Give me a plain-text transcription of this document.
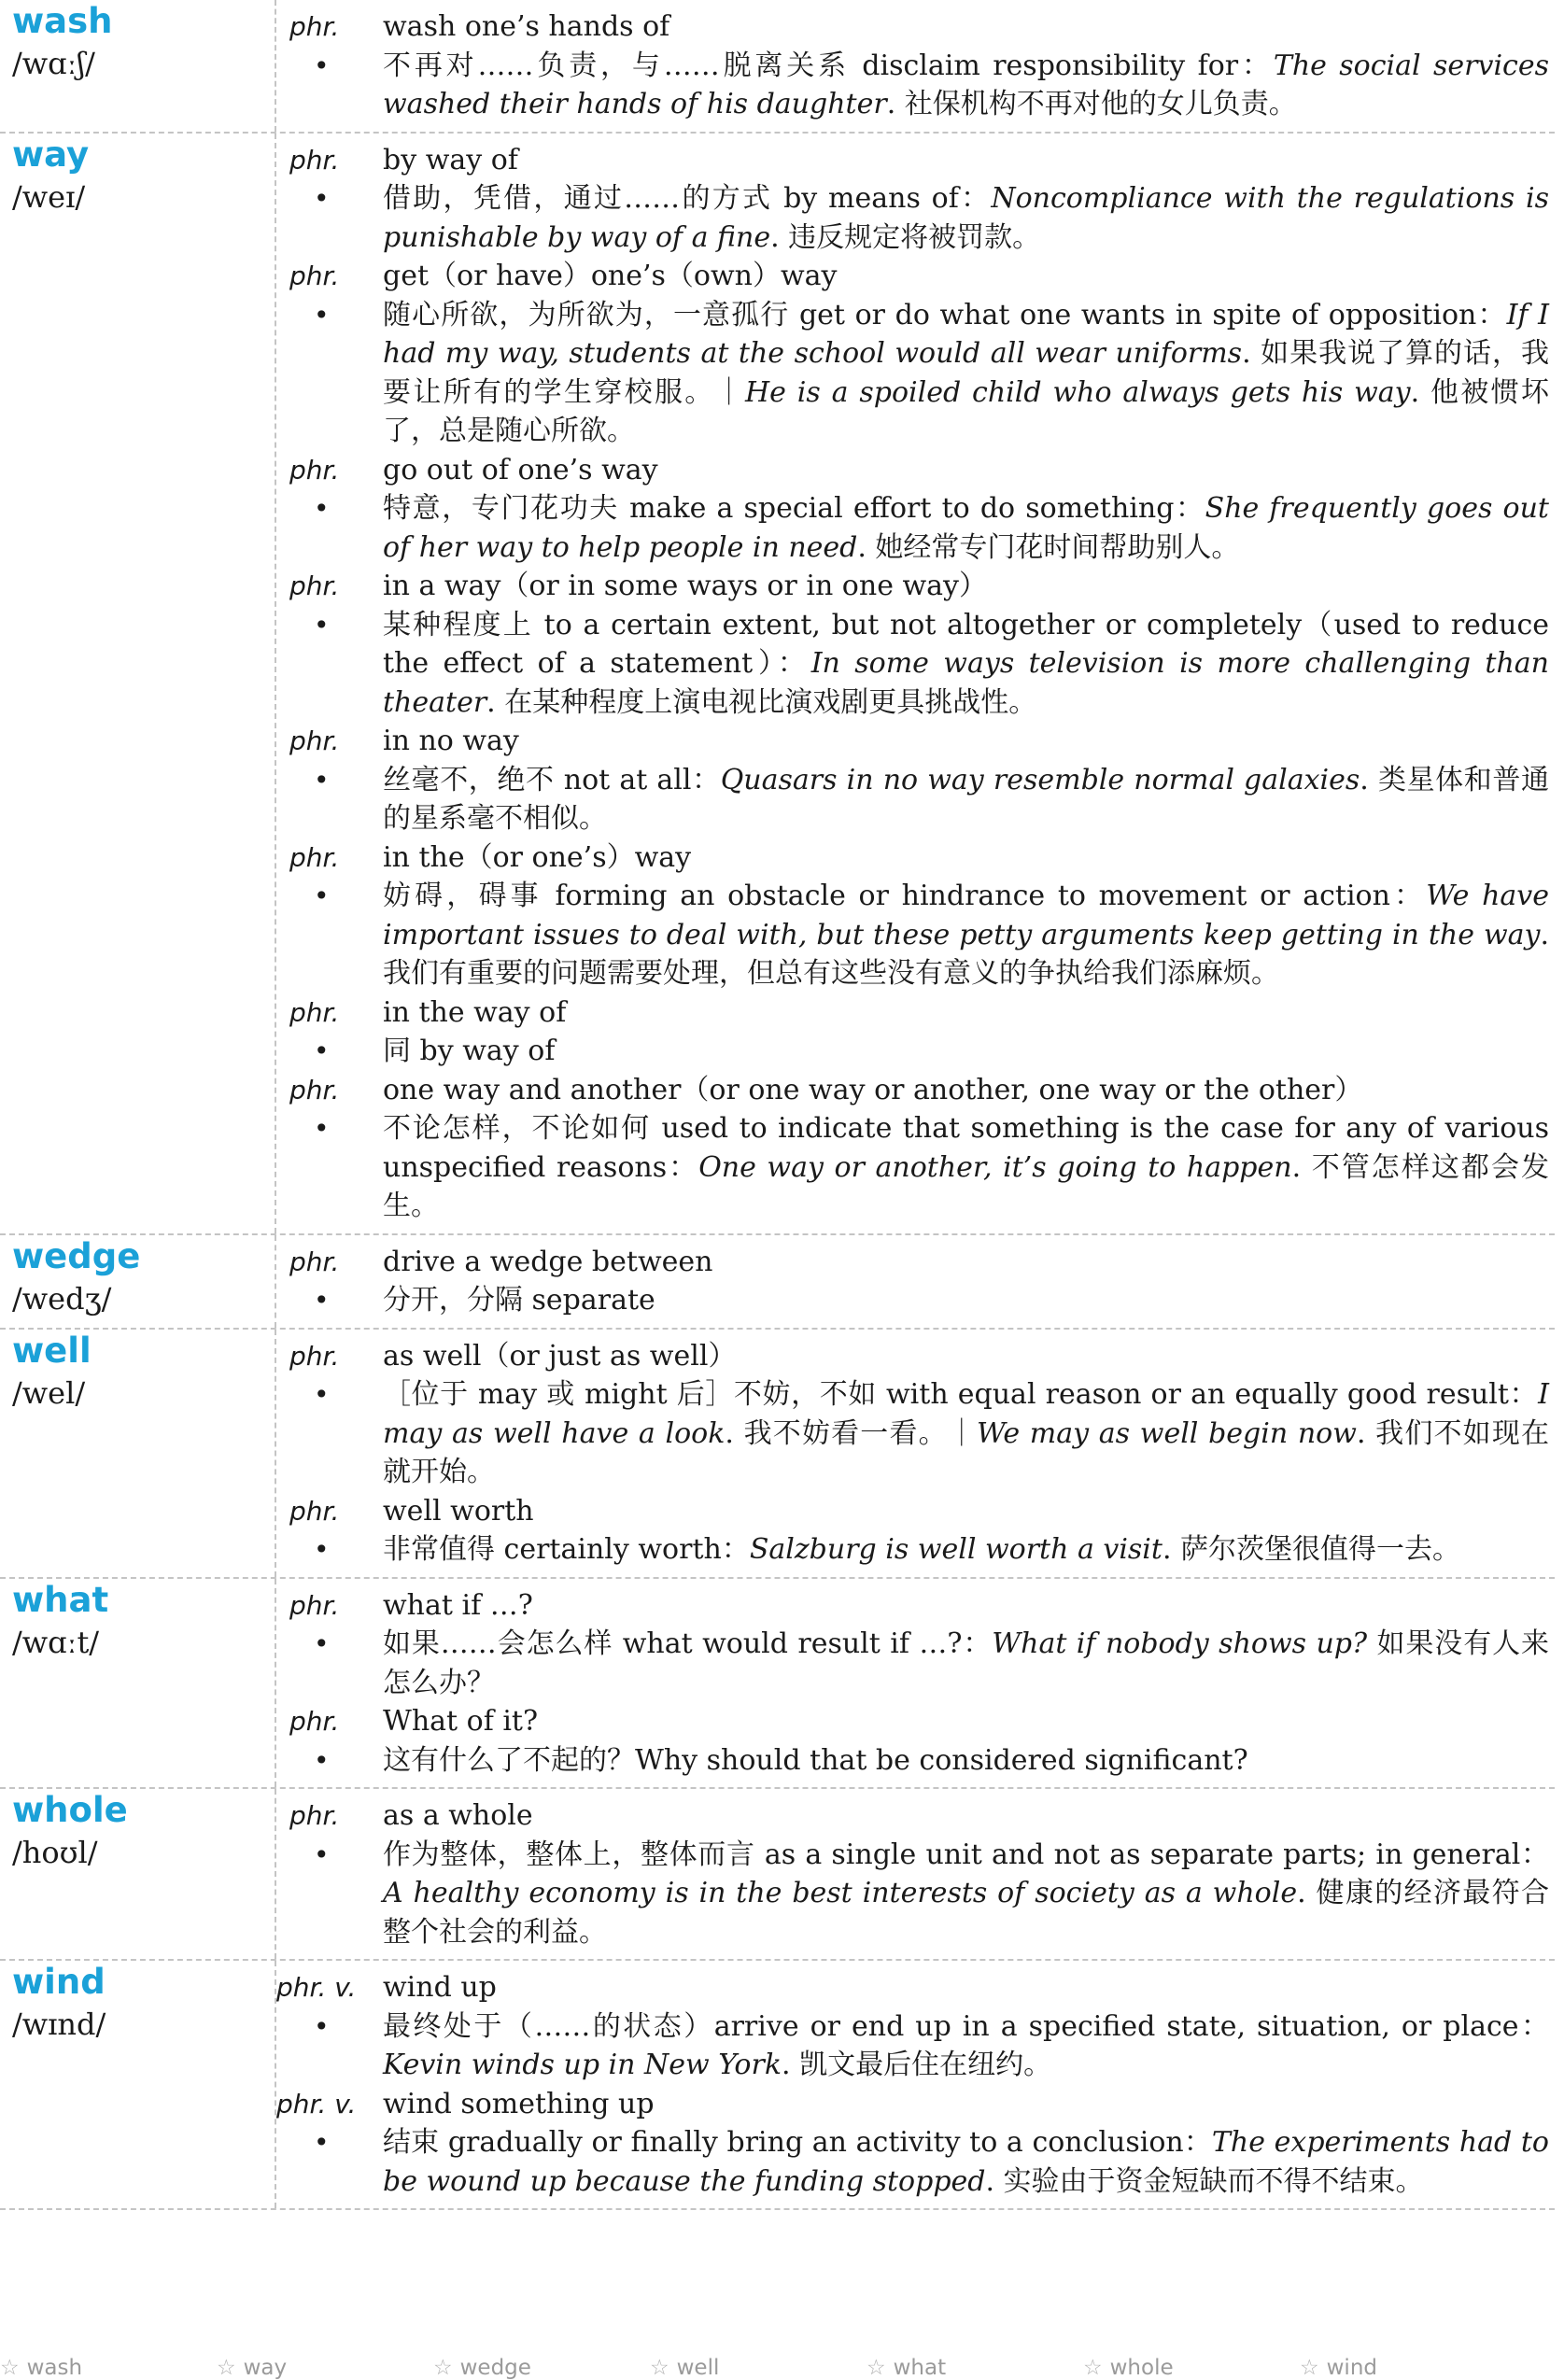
wash
/wɑːʃ/
phr.	wash one’s hands of
•	不再对……负责，与……脱离关系 disclaim responsibility for：The social services washed their hands of his daughter. 社保机构不再对他的女儿负责。
way
/weɪ/
phr.	by way of
•	借助，凭借，通过……的方式 by means of：Noncompliance with the regulations is punishable by way of a fine. 违反规定将被罚款。
phr.	get（or have）one’s（own）way
•	随心所欲，为所欲为，一意孤行 get or do what one wants in spite of opposition：If I had my way, students at the school would all wear uniforms. 如果我说了算的话，我要让所有的学生穿校服。｜He is a spoiled child who always gets his way. 他被惯坏了，总是随心所欲。
phr.	go out of one’s way
•	特意，专门花功夫 make a special effort to do something：She frequently goes out of her way to help people in need. 她经常专门花时间帮助别人。
phr.	in a way（or in some ways or in one way）
•	某种程度上 to a certain extent, but not altogether or completely（used to reduce the effect of a statement）：In some ways television is more challenging than theater. 在某种程度上演电视比演戏剧更具挑战性。
phr.	in no way
•	丝毫不，绝不 not at all：Quasars in no way resemble normal galaxies. 类星体和普通的星系毫不相似。
phr.	in the（or one’s）way
•	妨碍，碍事 forming an obstacle or hindrance to movement or action：We have important issues to deal with, but these petty arguments keep getting in the way. 我们有重要的问题需要处理，但总有这些没有意义的争执给我们添麻烦。
phr.	in the way of
•	同 by way of
phr.	one way and another（or one way or another, one way or the other）
•	不论怎样，不论如何 used to indicate that something is the case for any of various unspecified reasons：One way or another, it’s going to happen. 不管怎样这都会发生。
wedge
/wedʒ/
phr.	drive a wedge between
•	分开，分隔 separate
well
/wel/
phr.	as well（or just as well）
•	［位于 may 或 might 后］不妨，不如 with equal reason or an equally good result：I may as well have a look. 我不妨看一看。｜We may as well begin now. 我们不如现在就开始。
phr.	well worth
•	非常值得 certainly worth：Salzburg is well worth a visit. 萨尔茨堡很值得一去。
what
/wɑːt/
phr.	what if …?
•	如果……会怎么样 what would result if …?：What if nobody shows up? 如果没有人来怎么办？
phr.	What of it?
•	这有什么了不起的？Why should that be considered significant?
whole
/hoʊl/
phr.	as a whole
•	作为整体，整体上，整体而言 as a single unit and not as separate parts; in general：A healthy economy is in the best interests of society as a whole. 健康的经济最符合整个社会的利益。
wind
/wɪnd/
phr. v. wind up
•	最终处于（……的状态）arrive or end up in a specified state, situation, or place：Kevin winds up in New York. 凯文最后住在纽约。
phr. v. wind something up
•	结束 gradually or finally bring an activity to a conclusion：The experiments had to be wound up because the funding stopped. 实验由于资金短缺而不得不结束。
☆ wash	☆ way	☆ wedge	☆ well	☆ what	☆ whole	☆ wind
